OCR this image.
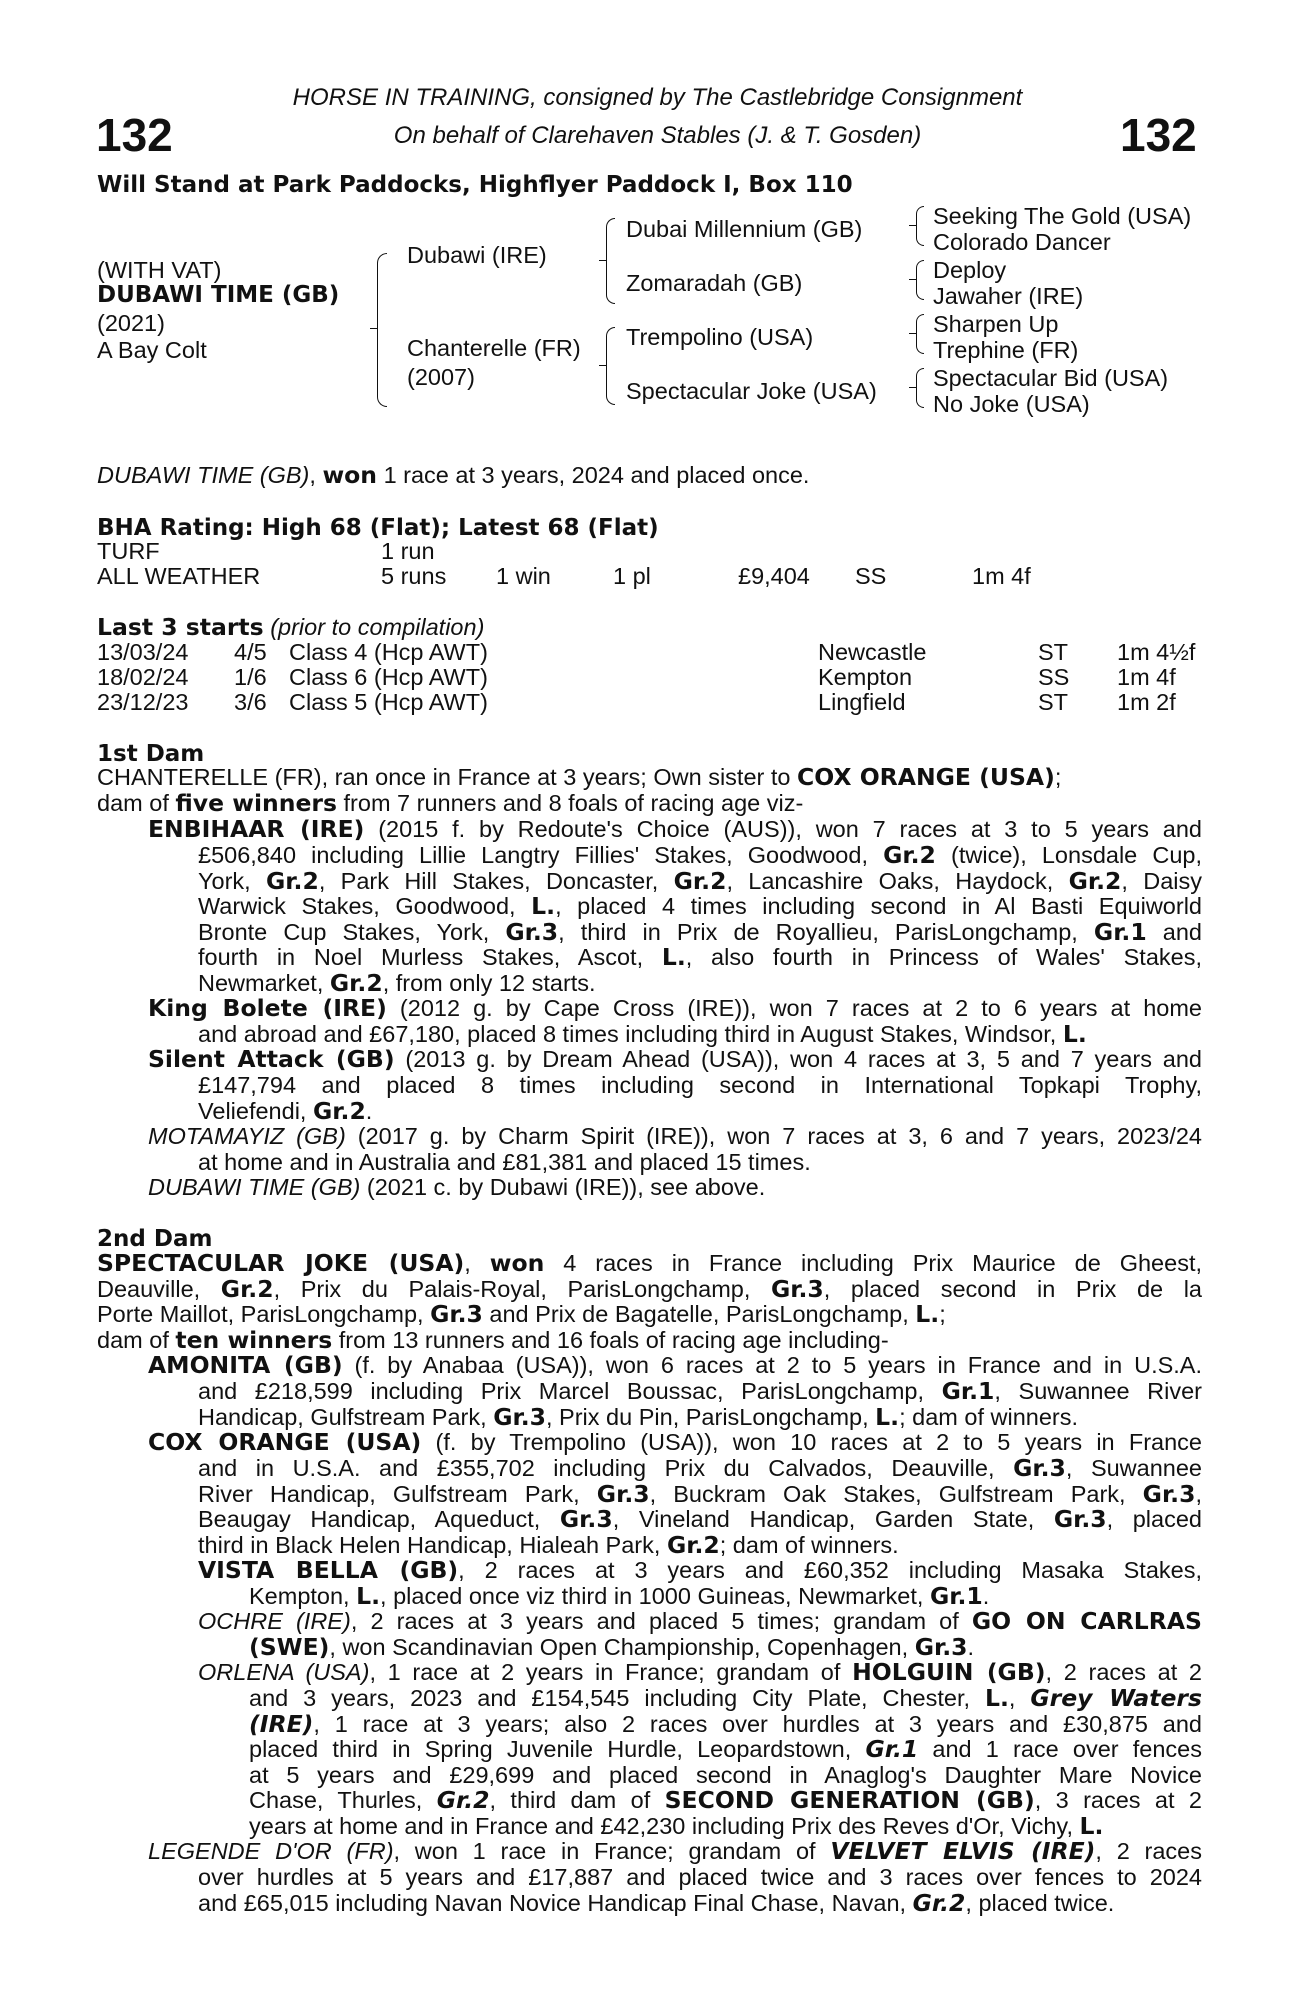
132	132
HORSE IN TRAINING, consigned by The Castlebridge Consignment
On behalf of Clarehaven Stables (J. & T. Gosden)
Will Stand at Park Paddocks, Highflyer Paddock I, Box 110
(WITH VAT)
DUBAWI TIME (GB)
(2021)
A Bay Colt
Dubawi (IRE)
Chanterelle (FR)
(2007)
Dubai Millennium (GB)
Zomaradah (GB)
Trempolino (USA)
Spectacular Joke (USA)
Seeking The Gold (USA)
Colorado Dancer
Deploy
Jawaher (IRE)
Sharpen Up
Trephine (FR)
Spectacular Bid (USA)
No Joke (USA)
DUBAWI TIME (GB), won 1 race at 3 years, 2024 and placed once.
BHA Rating: High 68 (Flat); Latest 68 (Flat)
TURF	1 run
ALL WEATHER	5 runs 1 win	1 pl	£9,404 SS	1m 4f
Last 3 starts (prior to compilation)
13/03/24 4/5 Class 4 (Hcp AWT)	Newcastle	ST 1m 4½f
18/02/24 1/6 Class 6 (Hcp AWT)	Kempton	SS 1m 4f
23/12/23 3/6 Class 5 (Hcp AWT)	Lingfield	ST 1m 2f
1st Dam
CHANTERELLE (FR), ran once in France at 3 years; Own sister to COX ORANGE (USA);
dam of five winners from 7 runners and 8 foals of racing age viz-
ENBIHAAR (IRE) (2015 f. by Redoute's Choice (AUS)), won 7 races at 3 to 5 years and
£506,840 including Lillie Langtry Fillies' Stakes, Goodwood, Gr.2 (twice), Lonsdale Cup,
York, Gr.2, Park Hill Stakes, Doncaster, Gr.2, Lancashire Oaks, Haydock, Gr.2, Daisy
Warwick Stakes, Goodwood, L., placed 4 times including second in Al Basti Equiworld
Bronte Cup Stakes, York, Gr.3, third in Prix de Royallieu, ParisLongchamp, Gr.1 and
fourth in Noel Murless Stakes, Ascot, L., also fourth in Princess of Wales' Stakes,
Newmarket, Gr.2, from only 12 starts.
King Bolete (IRE) (2012 g. by Cape Cross (IRE)), won 7 races at 2 to 6 years at home
and abroad and £67,180, placed 8 times including third in August Stakes, Windsor, L.
Silent Attack (GB) (2013 g. by Dream Ahead (USA)), won 4 races at 3, 5 and 7 years and
£147,794 and placed 8 times including second in International Topkapi Trophy,
Veliefendi, Gr.2.
MOTAMAYIZ (GB) (2017 g. by Charm Spirit (IRE)), won 7 races at 3, 6 and 7 years, 2023/24
at home and in Australia and £81,381 and placed 15 times.
DUBAWI TIME (GB) (2021 c. by Dubawi (IRE)), see above.
2nd Dam
SPECTACULAR JOKE (USA), won 4 races in France including Prix Maurice de Gheest,
Deauville, Gr.2, Prix du Palais-Royal, ParisLongchamp, Gr.3, placed second in Prix de la
Porte Maillot, ParisLongchamp, Gr.3 and Prix de Bagatelle, ParisLongchamp, L.;
dam of ten winners from 13 runners and 16 foals of racing age including-
AMONITA (GB) (f. by Anabaa (USA)), won 6 races at 2 to 5 years in France and in U.S.A.
and £218,599 including Prix Marcel Boussac, ParisLongchamp, Gr.1, Suwannee River
Handicap, Gulfstream Park, Gr.3, Prix du Pin, ParisLongchamp, L.; dam of winners.
COX ORANGE (USA) (f. by Trempolino (USA)), won 10 races at 2 to 5 years in France
and in U.S.A. and £355,702 including Prix du Calvados, Deauville, Gr.3, Suwannee
River Handicap, Gulfstream Park, Gr.3, Buckram Oak Stakes, Gulfstream Park, Gr.3,
Beaugay Handicap, Aqueduct, Gr.3, Vineland Handicap, Garden State, Gr.3, placed
third in Black Helen Handicap, Hialeah Park, Gr.2; dam of winners.
VISTA BELLA (GB), 2 races at 3 years and £60,352 including Masaka Stakes,
Kempton, L., placed once viz third in 1000 Guineas, Newmarket, Gr.1.
OCHRE (IRE), 2 races at 3 years and placed 5 times; grandam of GO ON CARLRAS
(SWE), won Scandinavian Open Championship, Copenhagen, Gr.3.
ORLENA (USA), 1 race at 2 years in France; grandam of HOLGUIN (GB), 2 races at 2
and 3 years, 2023 and £154,545 including City Plate, Chester, L., Grey Waters
(IRE), 1 race at 3 years; also 2 races over hurdles at 3 years and £30,875 and
placed third in Spring Juvenile Hurdle, Leopardstown, Gr.1 and 1 race over fences
at 5 years and £29,699 and placed second in Anaglog's Daughter Mare Novice
Chase, Thurles, Gr.2, third dam of SECOND GENERATION (GB), 3 races at 2
years at home and in France and £42,230 including Prix des Reves d'Or, Vichy, L.
LEGENDE D'OR (FR), won 1 race in France; grandam of VELVET ELVIS (IRE), 2 races
over hurdles at 5 years and £17,887 and placed twice and 3 races over fences to 2024
and £65,015 including Navan Novice Handicap Final Chase, Navan, Gr.2, placed twice.
